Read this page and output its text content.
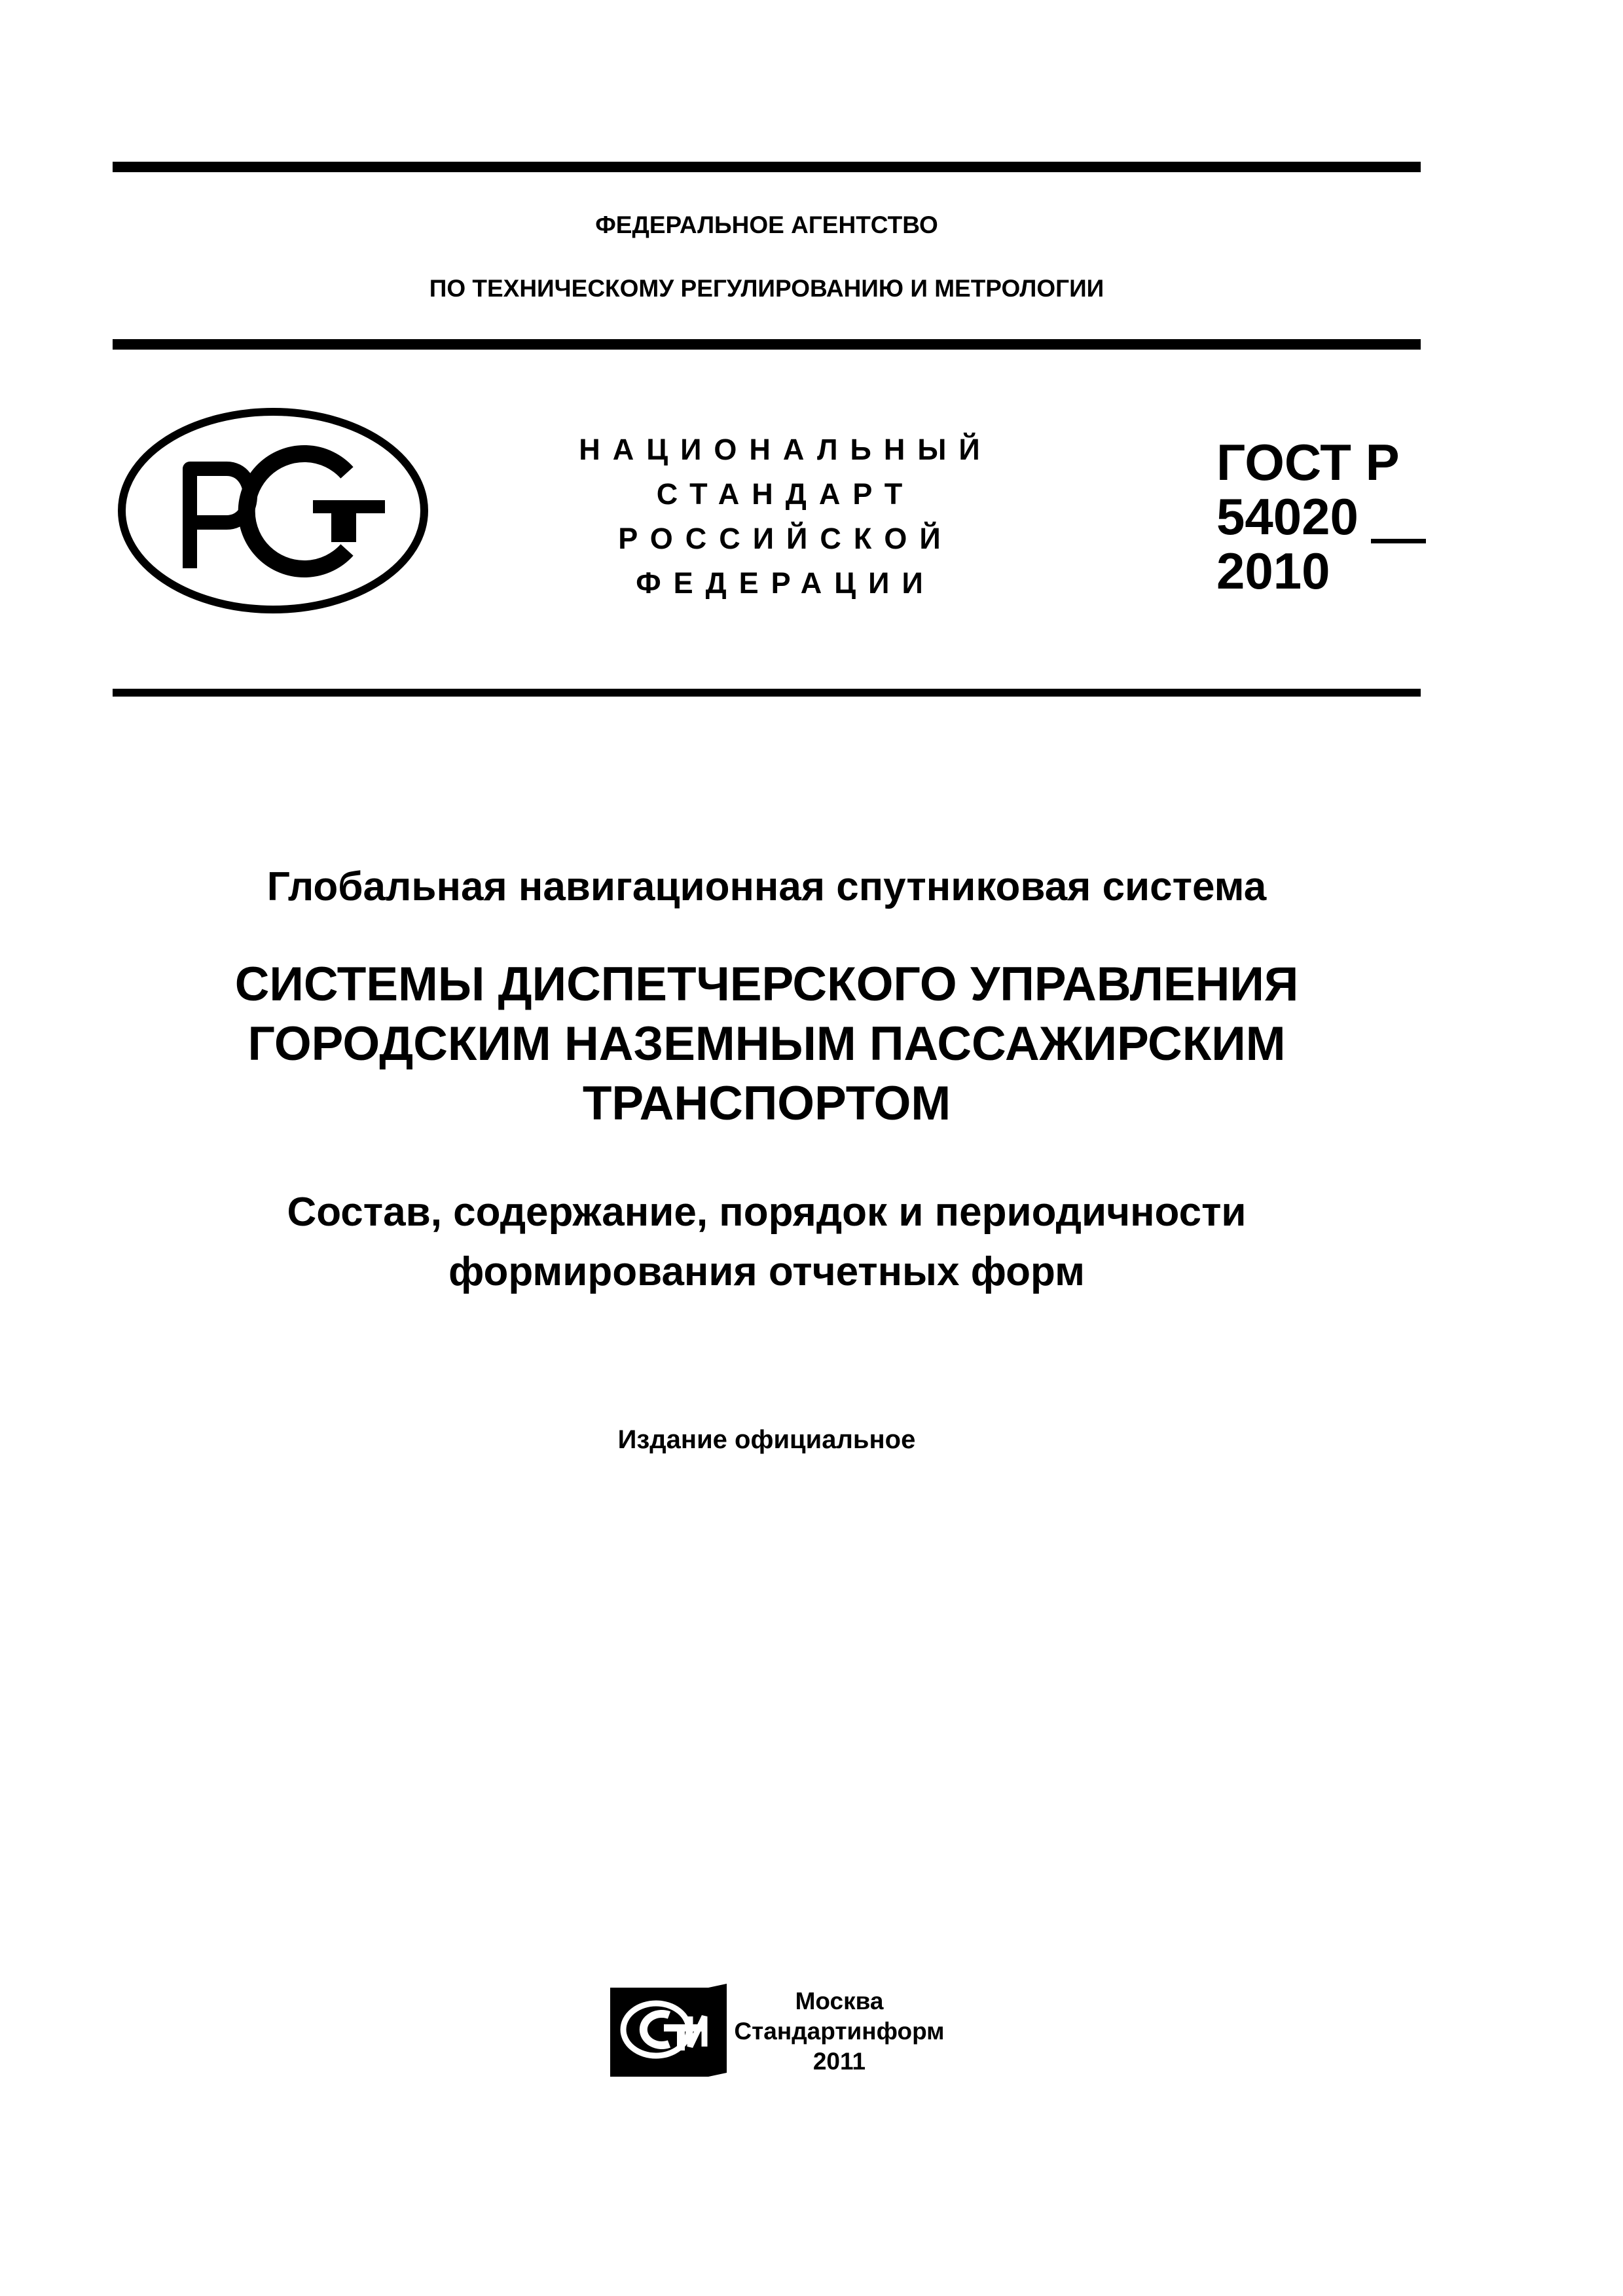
ФЕДЕРАЛЬНОЕ АГЕНТСТВО
ПО ТЕХНИЧЕСКОМУ РЕГУЛИРОВАНИЮ И МЕТРОЛОГИИ
НАЦИОНАЛЬНЫЙ
СТАНДАРТ
РОССИЙСКОЙ
ФЕДЕРАЦИИ
ГОСТ Р
54020
2010
Глобальная навигационная спутниковая система
СИСТЕМЫ ДИСПЕТЧЕРСКОГО УПРАВЛЕНИЯ
ГОРОДСКИМ НАЗЕМНЫМ ПАССАЖИРСКИМ
ТРАНСПОРТОМ
Состав, содержание, порядок и периодичности
формирования отчетных форм
Издание официальное
Москва
Стандартинформ
2011
